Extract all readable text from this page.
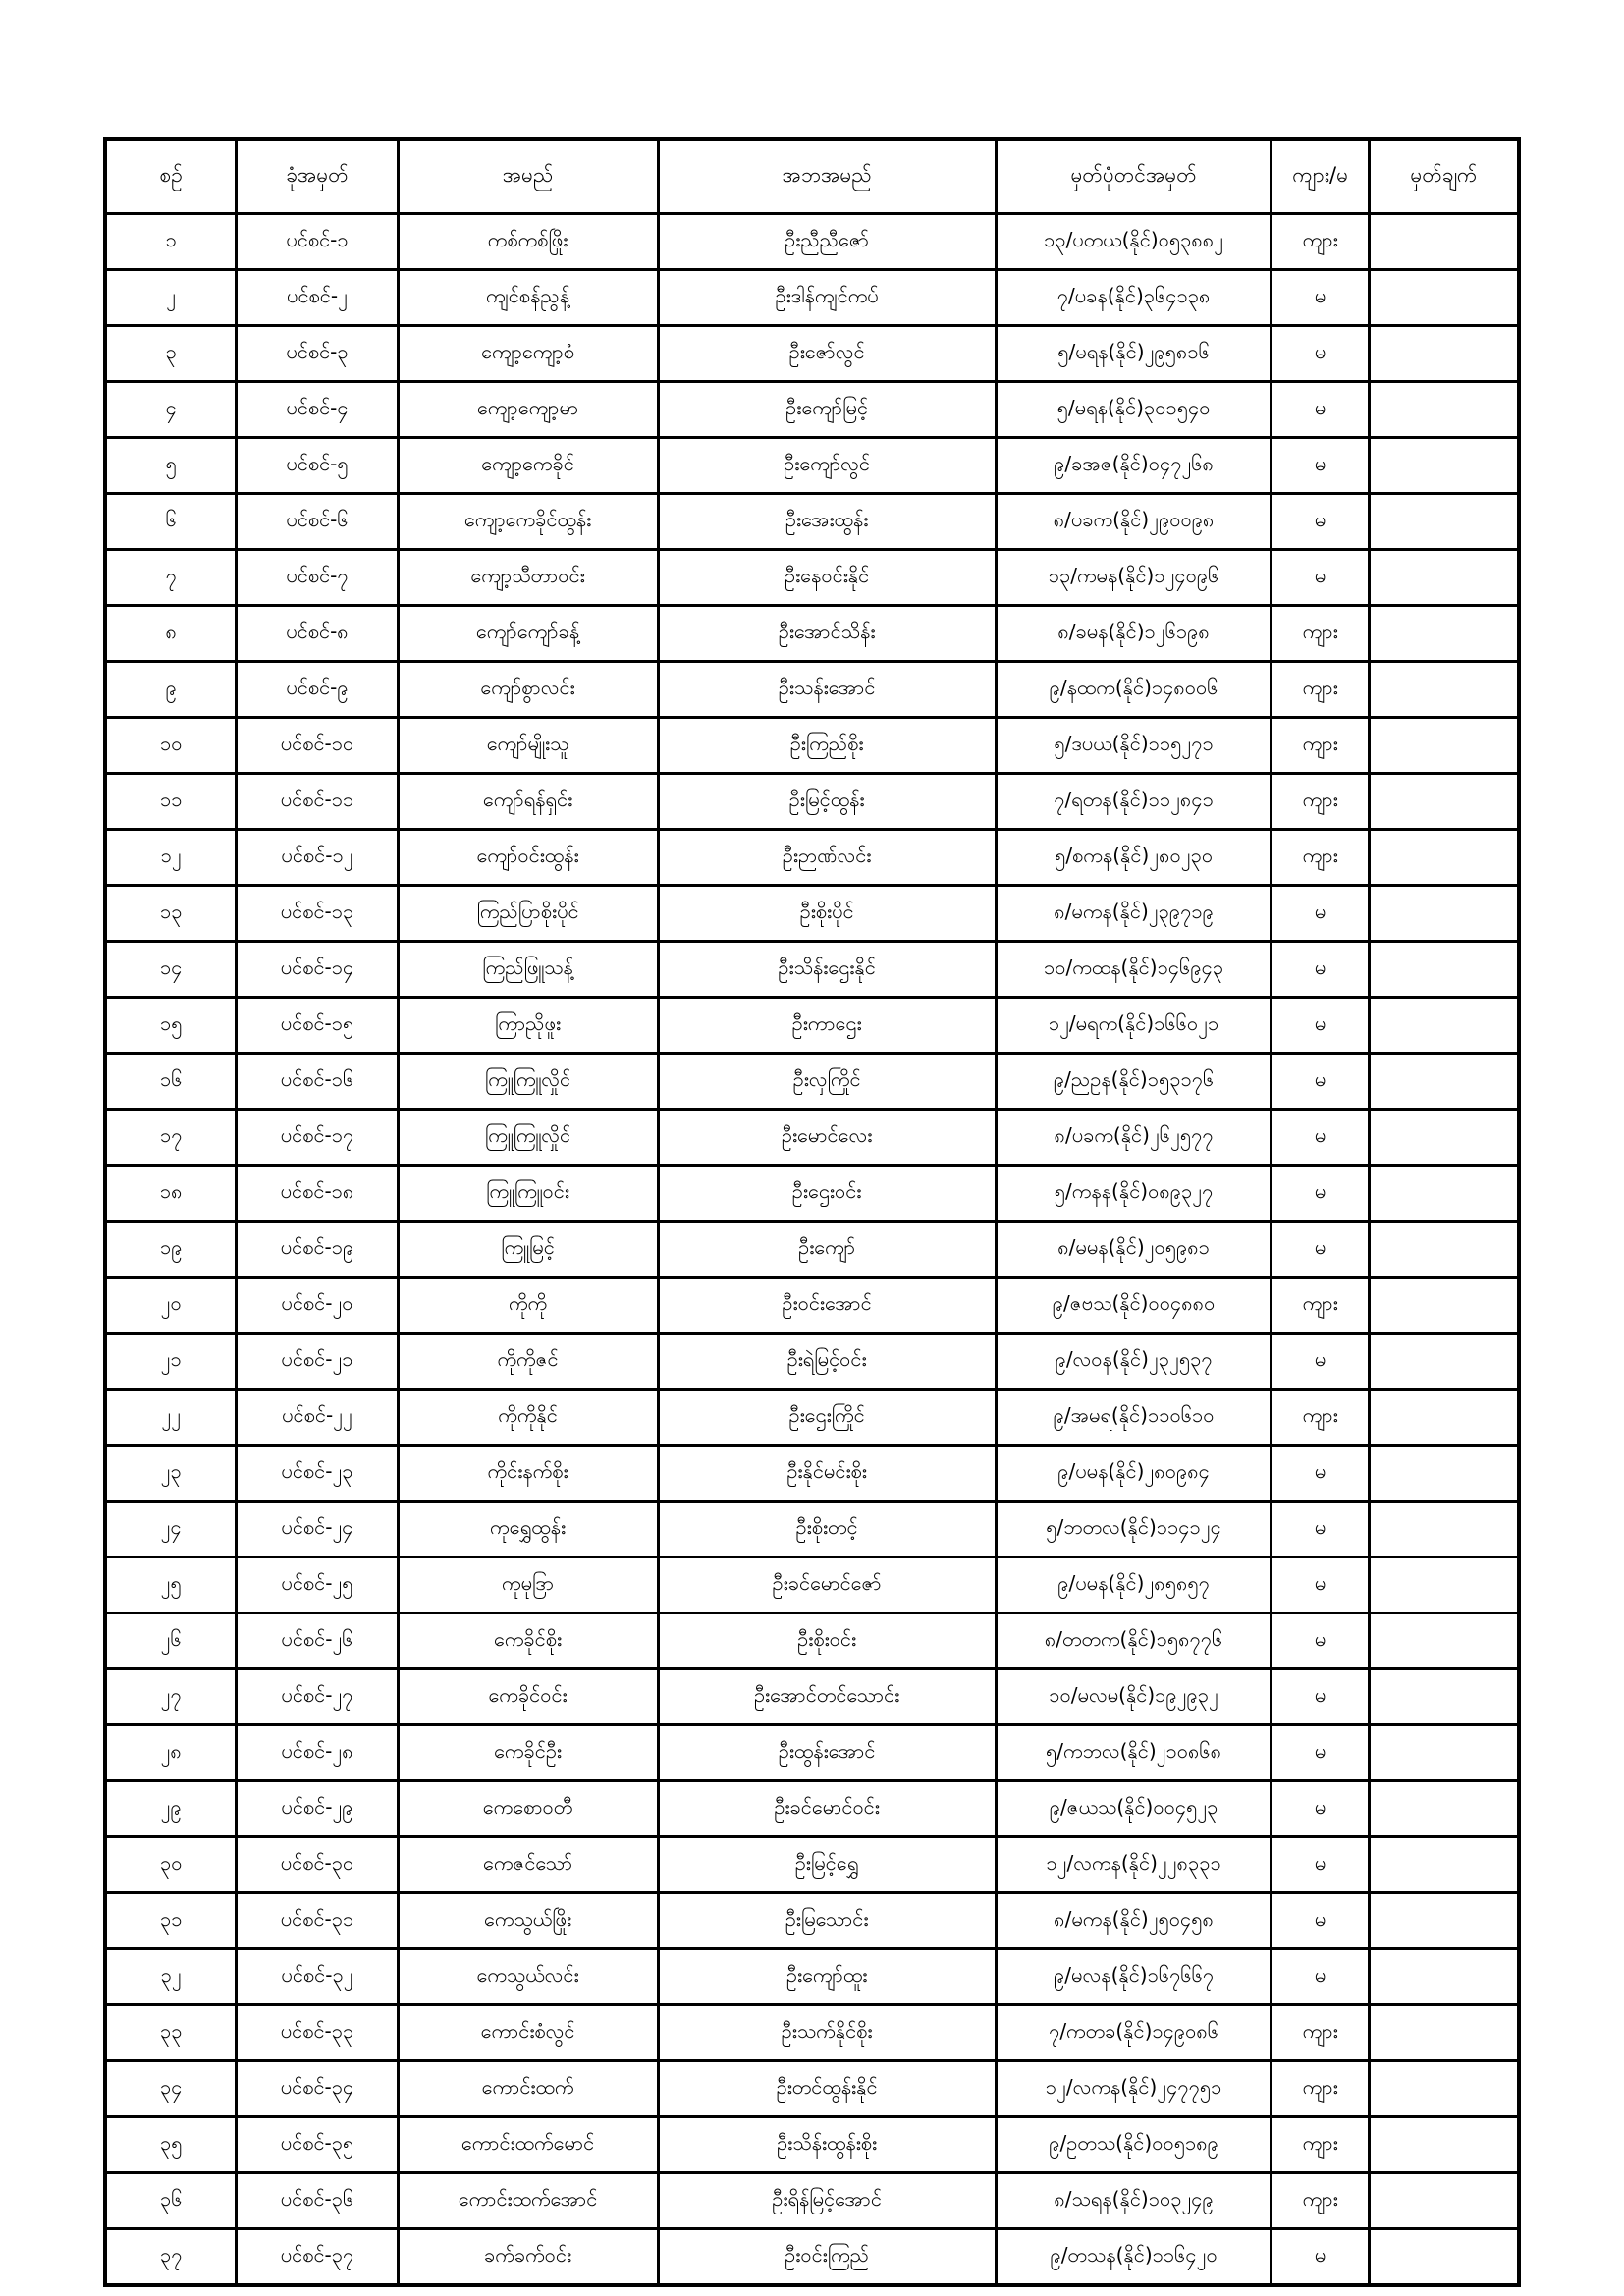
စဉ်	ခုံအမှတ်	အမည်	အဘအမည်	မှတ်ပုံတင်အမှတ်	ကျား/မ	မှတ်ချက်
၁	ပင်စင်-၁	ကစ်ကစ်ဖြိုး	ဦးညီညီဇော်	၁၃/ပတယ(နိုင်)၀၅၃၈၈၂	ကျား	
၂	ပင်စင်-၂	ကျင်စန်ညွန့်	ဦးဒါန်ကျင်ကပ်	၇/ပခန(နိုင်)၃၆၄၁၃၈	မ	
၃	ပင်စင်-၃	ကျော့ကျော့စံ	ဦးဇော်လွင်	၅/မရန(နိုင်)၂၉၅၈၁၆	မ	
၄	ပင်စင်-၄	ကျော့ကျော့မာ	ဦးကျော်မြင့်	၅/မရန(နိုင်)၃၀၁၅၄၀	မ	
၅	ပင်စင်-၅	ကျော့ကေခိုင်	ဦးကျော်လွင်	၉/ခအဇ(နိုင်)၀၄၇၂၆၈	မ	
၆	ပင်စင်-၆	ကျော့ကေခိုင်ထွန်း	ဦးအေးထွန်း	၈/ပခက(နိုင်)၂၉၀၀၉၈	မ	
၇	ပင်စင်-၇	ကျော့သီတာဝင်း	ဦးနေဝင်းနိုင်	၁၃/ကမန(နိုင်)၁၂၄၀၉၆	မ	
၈	ပင်စင်-၈	ကျော်ကျော်ခန့်	ဦးအောင်သိန်း	၈/ခမန(နိုင်)၁၂၆၁၉၈	ကျား	
၉	ပင်စင်-၉	ကျော်စွာလင်း	ဦးသန်းအောင်	၉/နထက(နိုင်)၁၄၈၀၀၆	ကျား	
၁၀	ပင်စင်-၁၀	ကျော်မျိုးသူ	ဦးကြည်စိုး	၅/ဒပယ(နိုင်)၁၁၅၂၇၁	ကျား	
၁၁	ပင်စင်-၁၁	ကျော်ရန်ရှင်း	ဦးမြင့်ထွန်း	၇/ရတန(နိုင်)၁၁၂၈၄၁	ကျား	
၁၂	ပင်စင်-၁၂	ကျော်ဝင်းထွန်း	ဦးဉာဏ်လင်း	၅/စကန(နိုင်)၂၈၀၂၃၀	ကျား	
၁၃	ပင်စင်-၁၃	ကြည်ပြာစိုးပိုင်	ဦးစိုးပိုင်	၈/မကန(နိုင်)၂၃၉၇၁၉	မ	
၁၄	ပင်စင်-၁၄	ကြည်ဖြူသန့်	ဦးသိန်းဌေးနိုင်	၁၀/ကထန(နိုင်)၁၄၆၉၄၃	မ	
၁၅	ပင်စင်-၁၅	ကြာညိုဖူး	ဦးကာဌေး	၁၂/မရက(နိုင်)၁၆၆၀၂၁	မ	
၁၆	ပင်စင်-၁၆	ကြူကြူလှိုင်	ဦးလှကြိုင်	၉/ညဥန(နိုင်)၁၅၃၁၇၆	မ	
၁၇	ပင်စင်-၁၇	ကြူကြူလှိုင်	ဦးမောင်လေး	၈/ပခက(နိုင်)၂၆၂၅၇၇	မ	
၁၈	ပင်စင်-၁၈	ကြူကြူဝင်း	ဦးဌေးဝင်း	၅/ကနန(နိုင်)၀၈၉၃၂၇	မ	
၁၉	ပင်စင်-၁၉	ကြူမြင့်	ဦးကျော်	၈/မမန(နိုင်)၂၀၅၉၈၁	မ	
၂၀	ပင်စင်-၂၀	ကိုကို	ဦးဝင်းအောင်	၉/ဇဗသ(နိုင်)၀၀၄၈၈၀	ကျား	
၂၁	ပင်စင်-၂၁	ကိုကိုဇင်	ဦးရဲမြင့်ဝင်း	၉/လဝန(နိုင်)၂၃၂၅၃၇	မ	
၂၂	ပင်စင်-၂၂	ကိုကိုနိုင်	ဦးဌေးကြိုင်	၉/အမရ(နိုင်)၁၁၀၆၁၀	ကျား	
၂၃	ပင်စင်-၂၃	ကိုင်းနက်စိုး	ဦးနိုင်မင်းစိုး	၉/ပမန(နိုင်)၂၈၀၉၈၄	မ	
၂၄	ပင်စင်-၂၄	ကုရွှေထွန်း	ဦးစိုးတင့်	၅/ဘတလ(နိုင်)၁၁၄၁၂၄	မ	
၂၅	ပင်စင်-၂၅	ကုမုဒြာ	ဦးခင်မောင်ဇော်	၉/ပမန(နိုင်)၂၈၅၈၅၇	မ	
၂၆	ပင်စင်-၂၆	ကေခိုင်စိုး	ဦးစိုးဝင်း	၈/တတက(နိုင်)၁၅၈၇၇၆	မ	
၂၇	ပင်စင်-၂၇	ကေခိုင်ဝင်း	ဦးအောင်တင်သောင်း	၁၀/မလမ(နိုင်)၁၉၂၉၃၂	မ	
၂၈	ပင်စင်-၂၈	ကေခိုင်ဦး	ဦးထွန်းအောင်	၅/ကဘလ(နိုင်)၂၁၀၈၆၈	မ	
၂၉	ပင်စင်-၂၉	ကေစောဝတီ	ဦးခင်မောင်ဝင်း	၉/ဇယသ(နိုင်)၀၀၄၅၂၃	မ	
၃၀	ပင်စင်-၃၀	ကေဇင်သော်	ဦးမြင့်ရွှေ	၁၂/လကန(နိုင်)၂၂၈၃၃၁	မ	
၃၁	ပင်စင်-၃၁	ကေသွယ်ဖြိုး	ဦးမြသောင်း	၈/မကန(နိုင်)၂၅၀၄၅၈	မ	
၃၂	ပင်စင်-၃၂	ကေသွယ်လင်း	ဦးကျော်ထူး	၉/မလန(နိုင်)၁၆၇၆၆၇	မ	
၃၃	ပင်စင်-၃၃	ကောင်းစံလွင်	ဦးသက်နိုင်စိုး	၇/ကတခ(နိုင်)၁၄၉၀၈၆	ကျား	
၃၄	ပင်စင်-၃၄	ကောင်းထက်	ဦးတင်ထွန်းနိုင်	၁၂/လကန(နိုင်)၂၄၇၇၅၁	ကျား	
၃၅	ပင်စင်-၃၅	ကောင်းထက်မောင်	ဦးသိန်းထွန်းစိုး	၉/ဥတသ(နိုင်)၀၀၅၁၈၉	ကျား	
၃၆	ပင်စင်-၃၆	ကောင်းထက်အောင်	ဦးရိန်မြင့်အောင်	၈/သရန(နိုင်)၁၀၃၂၄၉	ကျား	
၃၇	ပင်စင်-၃၇	ခက်ခက်ဝင်း	ဦးဝင်းကြည်	၉/တသန(နိုင်)၁၁၆၄၂၀	မ	
